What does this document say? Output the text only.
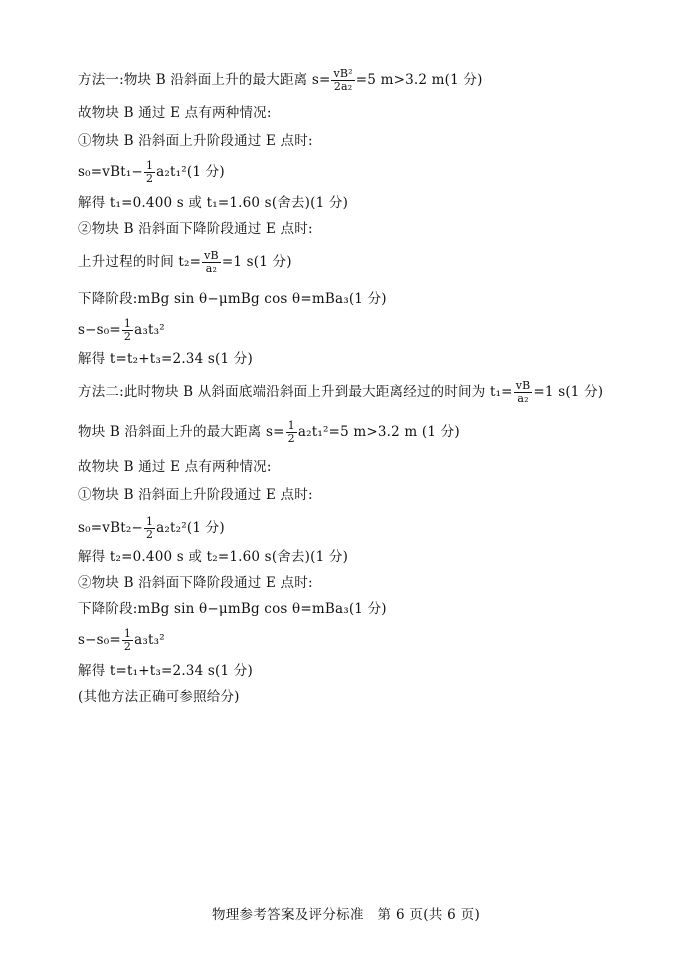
方法一:物块 B 沿斜面上升的最大距离 $s= \frac{\text{vB²}}{\text{2a₂}} =5$ m>3.2 m(1 分)
故物块 B 通过 E 点有两种情况:
①物块 B 沿斜面上升阶段通过 E 点时:
$s_0=vBt_1- \frac{1}{2} a_2t_1^2(1$ 分)
解得 t₁=0.400 s 或 t₁=1.60 s(舍去)(1 分)
②物块 B 沿斜面下降阶段通过 E 点时:
上升过程的时间 $t_2= \frac{vB}{\text{a₂}} =1$ s(1 分)
下降阶段:mBg sin θ−μmBg cos θ=mBa₃(1 分)
$s-s_0= \frac{1}{2} a_3t_3^2$
解得 t=t₂+t₃=2.34 s(1 分)
方法二:此时物块 B 从斜面底端沿斜面上升到最大距离经过的时间为 $t_1= \frac{vB}{\text{a₂}} =1$ s(1 分)
物块 B 沿斜面上升的最大距离 $s= \frac{1}{2} a_2t_1^2=5$ m>3.2 m (1 分)
故物块 B 通过 E 点有两种情况:
①物块 B 沿斜面上升阶段通过 E 点时:
$s_0=vBt_2- \frac{1}{2} a_2t_2^2(1$ 分)
解得 t₂=0.400 s 或 t₂=1.60 s(舍去)(1 分)
②物块 B 沿斜面下降阶段通过 E 点时:
下降阶段:mBg sin θ−μmBg cos θ=mBa₃(1 分)
$s-s_0= \frac{1}{2} a_3t_3^2$
解得 t=t₁+t₃=2.34 s(1 分)
(其他方法正确可参照给分)
物理参考答案及评分标准　第 6 页(共 6 页)
